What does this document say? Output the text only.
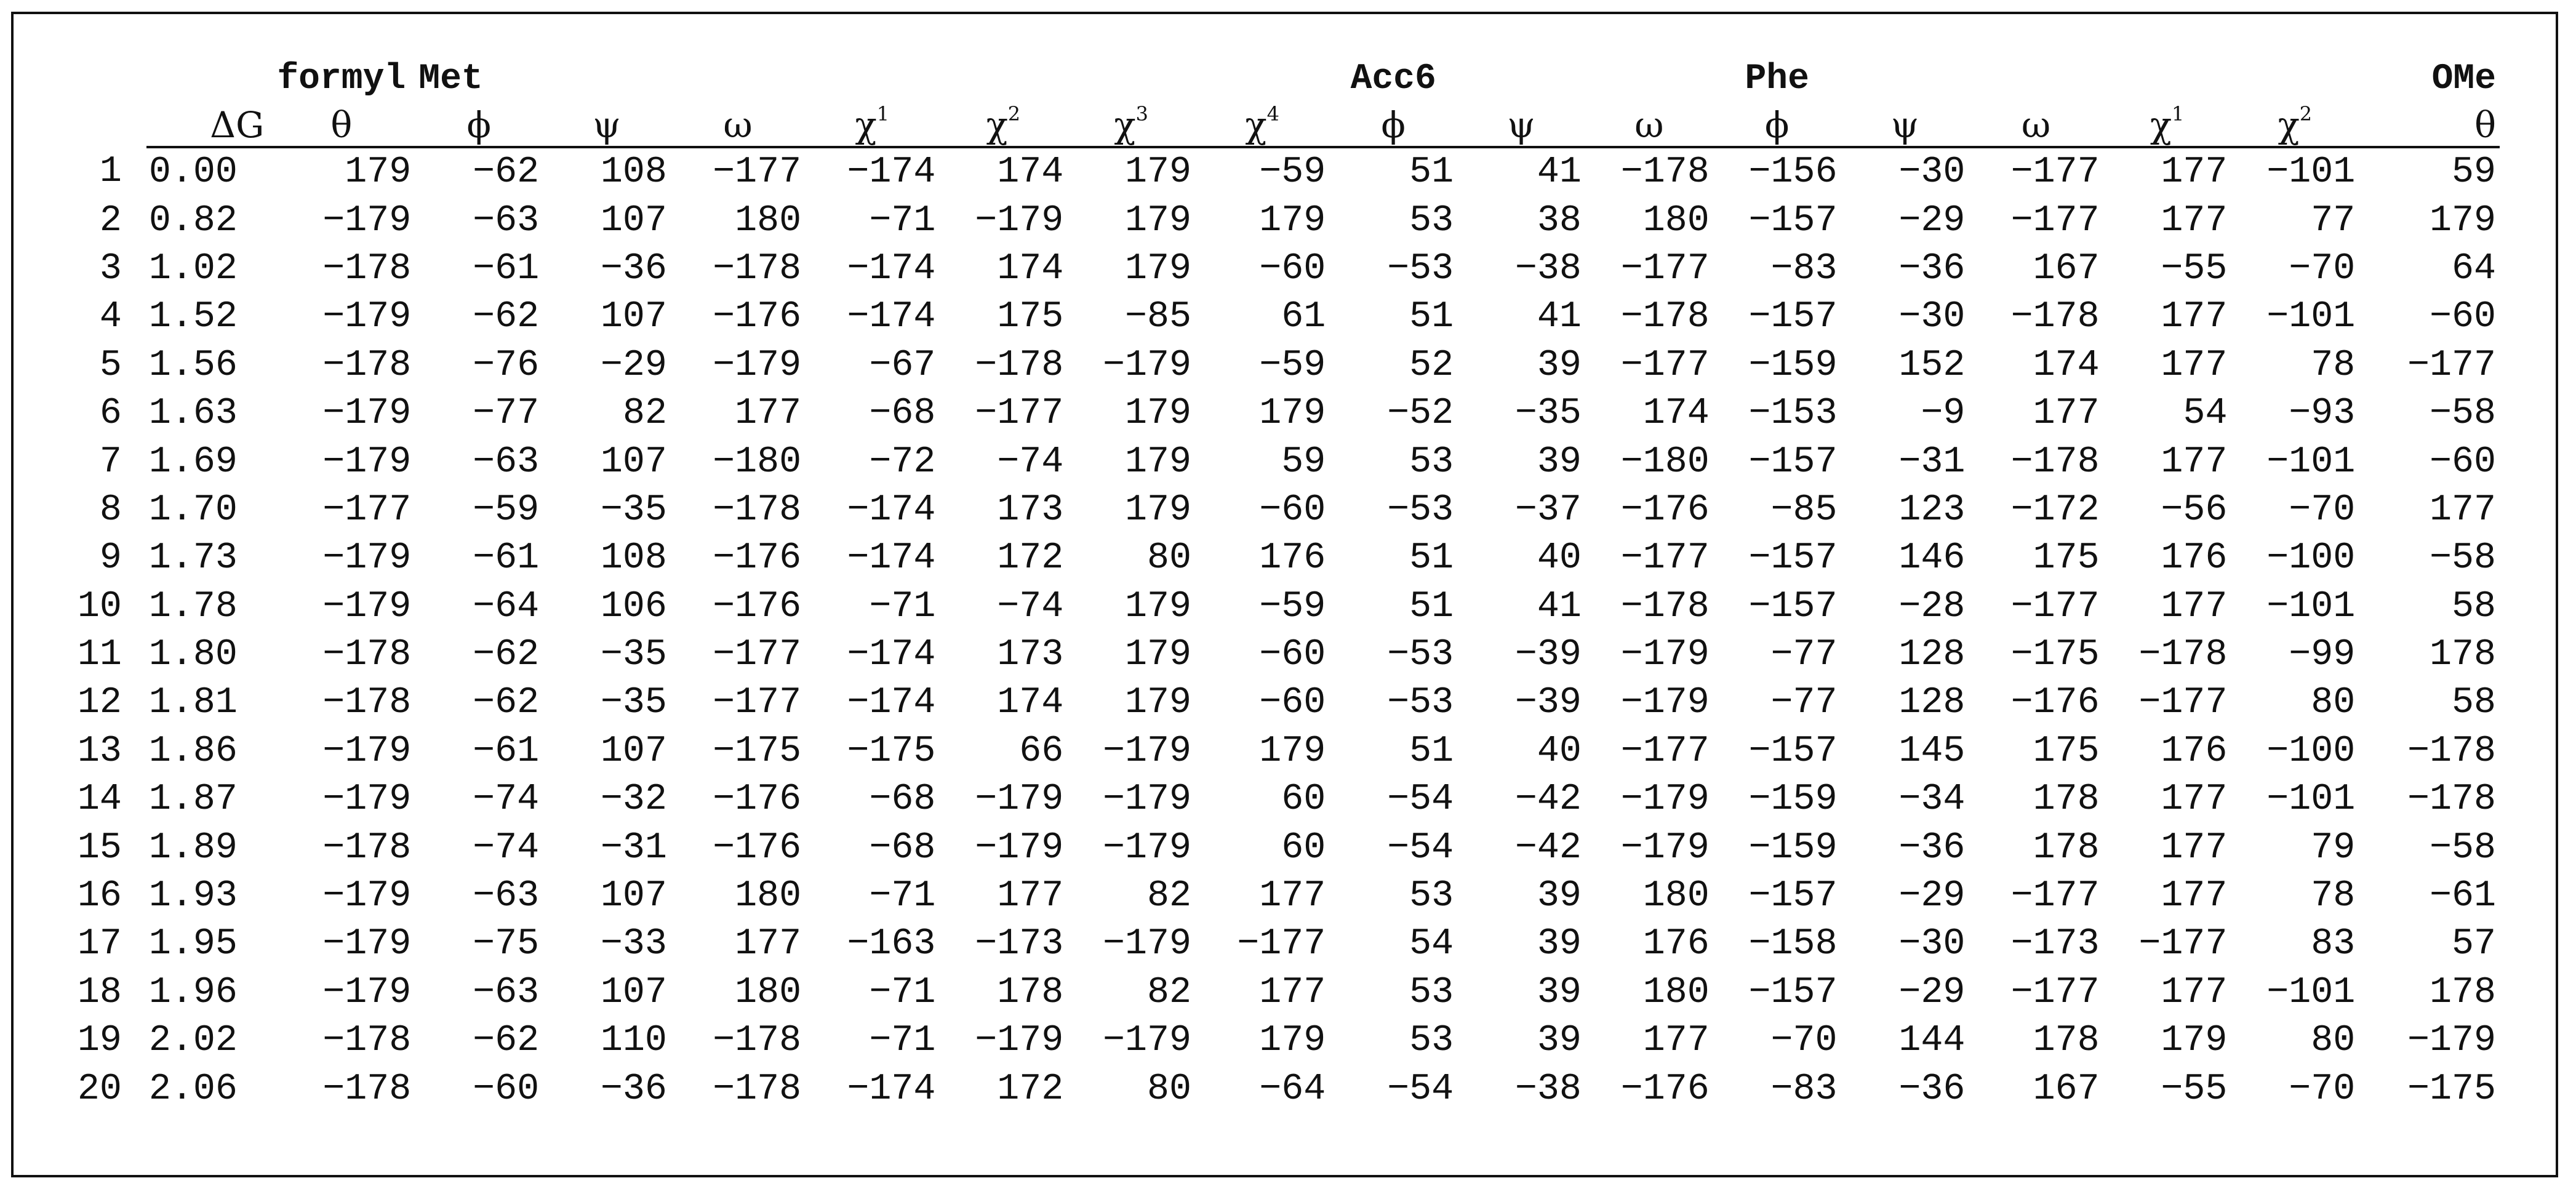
		formyl	Met							Acc6			Phe					OMe
	ΔG	θ	ϕ	ψ	ω	$\chi^1$	$\chi^2$	$\chi^3$	$\chi^4$	ϕ	ψ	ω	ϕ	ψ	ω	$\chi^1$	$\chi^2$	θ
1	0.00	179	−62	108	−177	−174	174	179	−59	51	41	−178	−156	−30	−177	177	−101	59
2	0.82	−179	−63	107	180	−71	−179	179	179	53	38	180	−157	−29	−177	177	77	179
3	1.02	−178	−61	−36	−178	−174	174	179	−60	−53	−38	−177	−83	−36	167	−55	−70	64
4	1.52	−179	−62	107	−176	−174	175	−85	61	51	41	−178	−157	−30	−178	177	−101	−60
5	1.56	−178	−76	−29	−179	−67	−178	−179	−59	52	39	−177	−159	152	174	177	78	−177
6	1.63	−179	−77	82	177	−68	−177	179	179	−52	−35	174	−153	−9	177	54	−93	−58
7	1.69	−179	−63	107	−180	−72	−74	179	59	53	39	−180	−157	−31	−178	177	−101	−60
8	1.70	−177	−59	−35	−178	−174	173	179	−60	−53	−37	−176	−85	123	−172	−56	−70	177
9	1.73	−179	−61	108	−176	−174	172	80	176	51	40	−177	−157	146	175	176	−100	−58
10	1.78	−179	−64	106	−176	−71	−74	179	−59	51	41	−178	−157	−28	−177	177	−101	58
11	1.80	−178	−62	−35	−177	−174	173	179	−60	−53	−39	−179	−77	128	−175	−178	−99	178
12	1.81	−178	−62	−35	−177	−174	174	179	−60	−53	−39	−179	−77	128	−176	−177	80	58
13	1.86	−179	−61	107	−175	−175	66	−179	179	51	40	−177	−157	145	175	176	−100	−178
14	1.87	−179	−74	−32	−176	−68	−179	−179	60	−54	−42	−179	−159	−34	178	177	−101	−178
15	1.89	−178	−74	−31	−176	−68	−179	−179	60	−54	−42	−179	−159	−36	178	177	79	−58
16	1.93	−179	−63	107	180	−71	177	82	177	53	39	180	−157	−29	−177	177	78	−61
17	1.95	−179	−75	−33	177	−163	−173	−179	−177	54	39	176	−158	−30	−173	−177	83	57
18	1.96	−179	−63	107	180	−71	178	82	177	53	39	180	−157	−29	−177	177	−101	178
19	2.02	−178	−62	110	−178	−71	−179	−179	179	53	39	177	−70	144	178	179	80	−179
20	2.06	−178	−60	−36	−178	−174	172	80	−64	−54	−38	−176	−83	−36	167	−55	−70	−175
